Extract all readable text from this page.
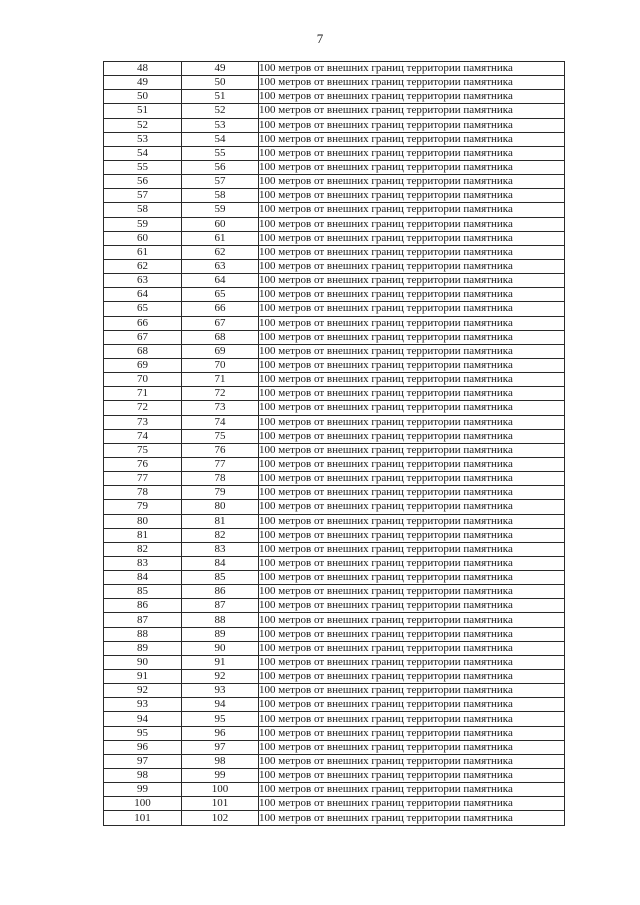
7
48	49	100 метров от внешних границ территории памятника
49	50	100 метров от внешних границ территории памятника
50	51	100 метров от внешних границ территории памятника
51	52	100 метров от внешних границ территории памятника
52	53	100 метров от внешних границ территории памятника
53	54	100 метров от внешних границ территории памятника
54	55	100 метров от внешних границ территории памятника
55	56	100 метров от внешних границ территории памятника
56	57	100 метров от внешних границ территории памятника
57	58	100 метров от внешних границ территории памятника
58	59	100 метров от внешних границ территории памятника
59	60	100 метров от внешних границ территории памятника
60	61	100 метров от внешних границ территории памятника
61	62	100 метров от внешних границ территории памятника
62	63	100 метров от внешних границ территории памятника
63	64	100 метров от внешних границ территории памятника
64	65	100 метров от внешних границ территории памятника
65	66	100 метров от внешних границ территории памятника
66	67	100 метров от внешних границ территории памятника
67	68	100 метров от внешних границ территории памятника
68	69	100 метров от внешних границ территории памятника
69	70	100 метров от внешних границ территории памятника
70	71	100 метров от внешних границ территории памятника
71	72	100 метров от внешних границ территории памятника
72	73	100 метров от внешних границ территории памятника
73	74	100 метров от внешних границ территории памятника
74	75	100 метров от внешних границ территории памятника
75	76	100 метров от внешних границ территории памятника
76	77	100 метров от внешних границ территории памятника
77	78	100 метров от внешних границ территории памятника
78	79	100 метров от внешних границ территории памятника
79	80	100 метров от внешних границ территории памятника
80	81	100 метров от внешних границ территории памятника
81	82	100 метров от внешних границ территории памятника
82	83	100 метров от внешних границ территории памятника
83	84	100 метров от внешних границ территории памятника
84	85	100 метров от внешних границ территории памятника
85	86	100 метров от внешних границ территории памятника
86	87	100 метров от внешних границ территории памятника
87	88	100 метров от внешних границ территории памятника
88	89	100 метров от внешних границ территории памятника
89	90	100 метров от внешних границ территории памятника
90	91	100 метров от внешних границ территории памятника
91	92	100 метров от внешних границ территории памятника
92	93	100 метров от внешних границ территории памятника
93	94	100 метров от внешних границ территории памятника
94	95	100 метров от внешних границ территории памятника
95	96	100 метров от внешних границ территории памятника
96	97	100 метров от внешних границ территории памятника
97	98	100 метров от внешних границ территории памятника
98	99	100 метров от внешних границ территории памятника
99	100	100 метров от внешних границ территории памятника
100	101	100 метров от внешних границ территории памятника
101	102	100 метров от внешних границ территории памятника
